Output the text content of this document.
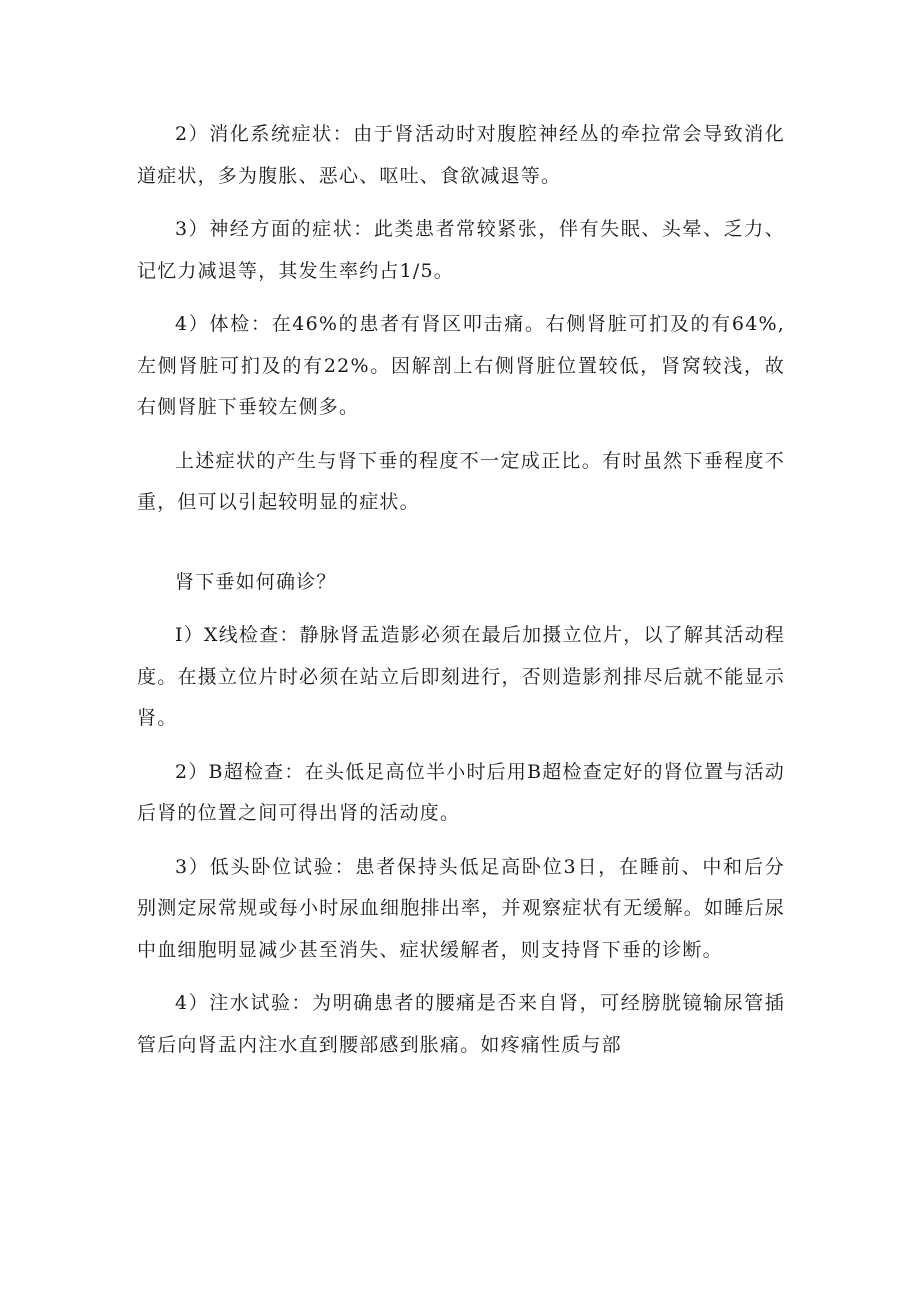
2）消化系统症状：由于肾活动时对腹腔神经丛的牵拉常会导致消化道症状，多为腹胀、恶心、呕吐、食欲减退等。

3）神经方面的症状：此类患者常较紧张，伴有失眠、头晕、乏力、记忆力减退等，其发生率约占1/5。

4）体检：在46%的患者有肾区叩击痛。右侧肾脏可扪及的有64%,左侧肾脏可扪及的有22%。因解剖上右侧肾脏位置较低，肾窝较浅，故右侧肾脏下垂较左侧多。

上述症状的产生与肾下垂的程度不一定成正比。有时虽然下垂程度不重，但可以引起较明显的症状。

肾下垂如何确诊？

I）X线检查：静脉肾盂造影必须在最后加摄立位片，以了解其活动程度。在摄立位片时必须在站立后即刻进行，否则造影剂排尽后就不能显示肾。

2）B超检查：在头低足高位半小时后用B超检查定好的肾位置与活动后肾的位置之间可得出肾的活动度。

3）低头卧位试验：患者保持头低足高卧位3日，在睡前、中和后分别测定尿常规或每小时尿血细胞排出率，并观察症状有无缓解。如睡后尿中血细胞明显减少甚至消失、症状缓解者，则支持肾下垂的诊断。

4）注水试验：为明确患者的腰痛是否来自肾，可经膀胱镜输尿管插管后向肾盂内注水直到腰部感到胀痛。如疼痛性质与部
